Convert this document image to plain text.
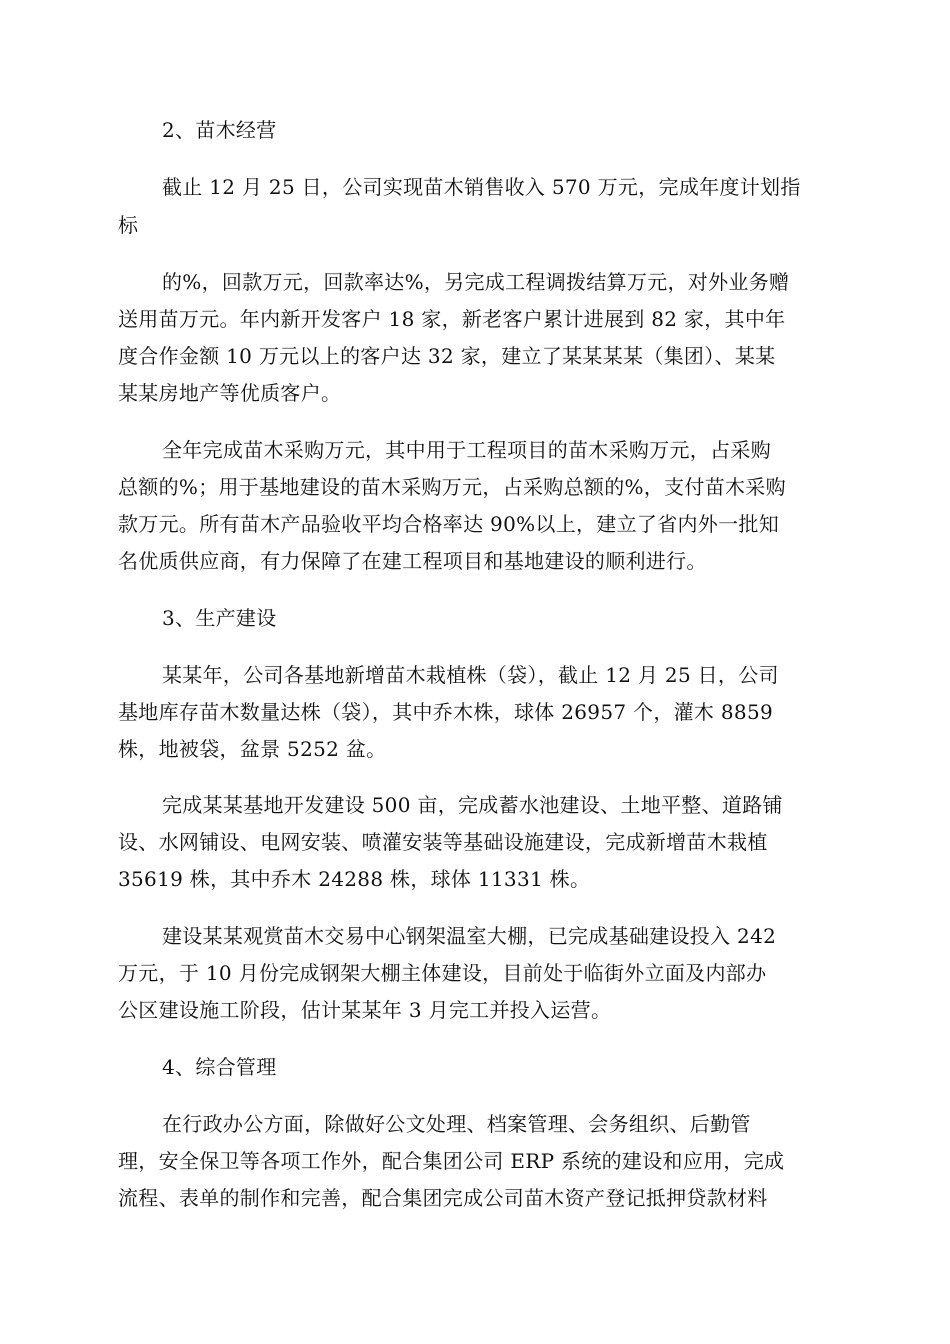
2、苗木经营
截止 12 月 25 日，公司实现苗木销售收入 570 万元，完成年度计划指
标
的%，回款万元，回款率达%，另完成工程调拨结算万元，对外业务赠
送用苗万元。年内新开发客户 18 家，新老客户累计进展到 82 家，其中年
度合作金额 10 万元以上的客户达 32 家，建立了某某某某（集团）、某某
某某房地产等优质客户。
全年完成苗木采购万元，其中用于工程项目的苗木采购万元，占采购
总额的%；用于基地建设的苗木采购万元，占采购总额的%，支付苗木采购
款万元。所有苗木产品验收平均合格率达 90%以上，建立了省内外一批知
名优质供应商，有力保障了在建工程项目和基地建设的顺利进行。
3、生产建设
某某年，公司各基地新增苗木栽植株（袋），截止 12 月 25 日，公司
基地库存苗木数量达株（袋），其中乔木株，球体 26957 个，灌木 8859
株，地被袋，盆景 5252 盆。
完成某某基地开发建设 500 亩，完成蓄水池建设、土地平整、道路铺
设、水网铺设、电网安装、喷灌安装等基础设施建设，完成新增苗木栽植
35619 株，其中乔木 24288 株，球体 11331 株。
建设某某观赏苗木交易中心钢架温室大棚，已完成基础建设投入 242
万元，于 10 月份完成钢架大棚主体建设，目前处于临街外立面及内部办
公区建设施工阶段，估计某某年 3 月完工并投入运营。
4、综合管理
在行政办公方面，除做好公文处理、档案管理、会务组织、后勤管
理，安全保卫等各项工作外，配合集团公司 ERP 系统的建设和应用，完成
流程、表单的制作和完善，配合集团完成公司苗木资产登记抵押贷款材料
